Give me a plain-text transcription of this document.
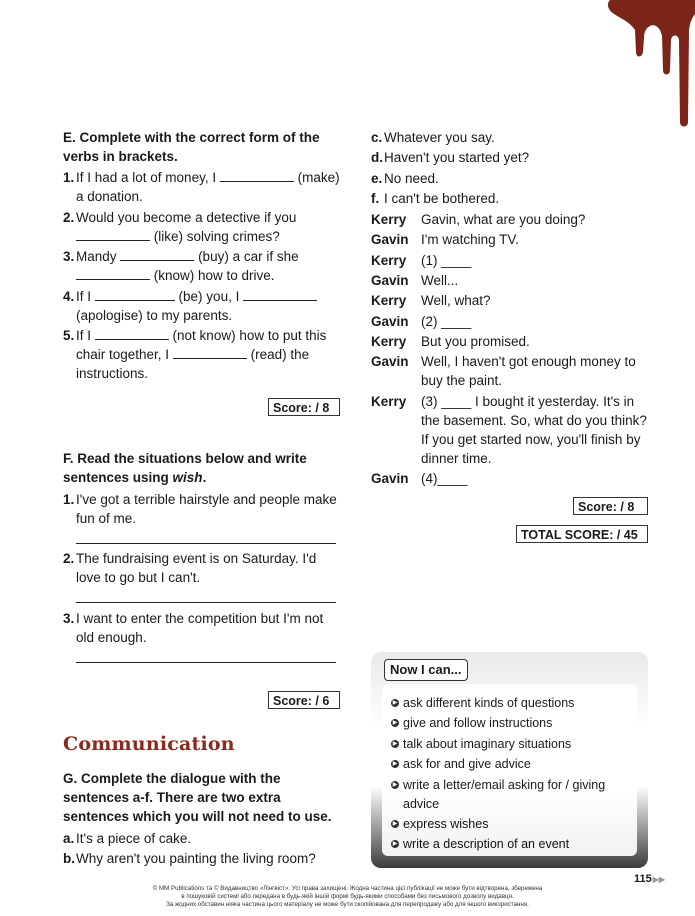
E. Complete with the correct form of the
verbs in brackets.
1. If I had a lot of money, I	(make)
a donation.
2. Would you become a detective if you
(like) solving crimes?
3. Mandy	(buy) a car if she
(know) how to drive.
4. If I	(be) you, I
(apologise) to my parents.
5. If I	(not know) how to put this
chair together, I	(read) the
instructions.
Score: / 8
F. Read the situations below and write
sentences using wish.
1. I've got a terrible hairstyle and people make
fun of me.
2. The fundraising event is on Saturday. I'd
love to go but I can't.
3. I want to enter the competition but I'm not
old enough.
Score: / 6
Communication
G. Complete the dialogue with the
sentences a-f. There are two extra
sentences which you will not need to use.
a. It's a piece of cake.
b. Why aren't you painting the living room?
c. Whatever you say.
d. Haven't you started yet?
e. No need.
f. I can't be bothered.
Kerry Gavin, what are you doing?
Gavin I'm watching TV.
Kerry (1) ____
Gavin Well...
Kerry Well, what?
Gavin (2) ____
Kerry But you promised.
Gavin Well, I haven't got enough money to buy the paint.
Kerry (3) ____ I bought it yesterday. It's in the basement. So, what do you think? If you get started now, you'll finish by dinner time.
Gavin (4)____
Score: / 8
TOTAL SCORE: / 45
Now I can...
▶ ask different kinds of questions
▶ give and follow instructions
▶ talk about imaginary situations
▶ ask for and give advice
▶ write a letter/email asking for / giving advice
▶ express wishes
▶ write a description of an event
115▶▶
© MM Publications та © Видавництво «Лінгвіст». Усі права захищені. Жодна частина цієї публікації не може бути відтворена, збережена
в пошуковій системі або передана в будь-якій іншій формі будь-якими способами без письмового дозволу видавця.
За жодних обставин ніяка частина цього матеріалу не може бути скопійована для перепродажу або для іншого використання.
